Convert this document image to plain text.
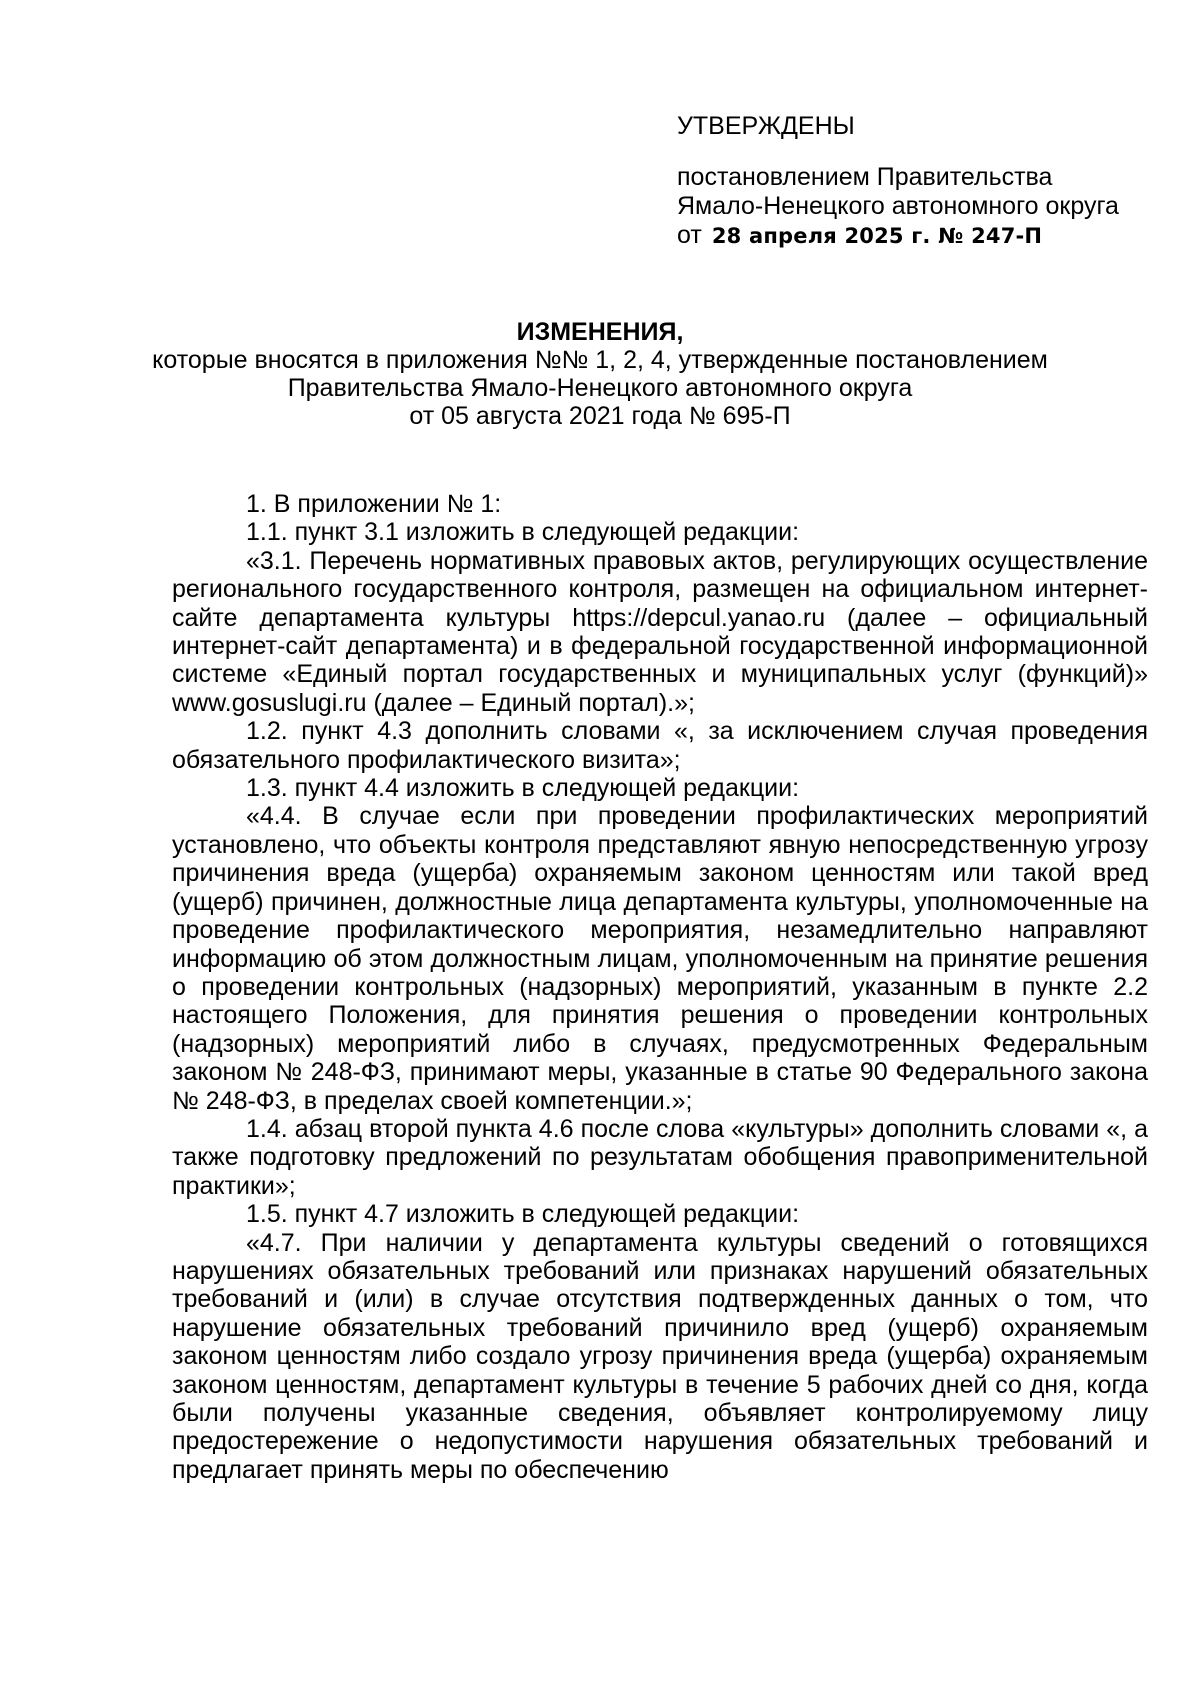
УТВЕРЖДЕНЫ

постановлением Правительства

Ямало-Ненецкого автономного округа

от 28 апреля 2025 г. № 247-П

ИЗМЕНЕНИЯ,

которые вносятся в приложения №№ 1, 2, 4, утвержденные постановлением

Правительства Ямало-Ненецкого автономного округа

от 05 августа 2021 года № 695-П

1. В приложении № 1:

1.1. пункт 3.1 изложить в следующей редакции:

«3.1. Перечень нормативных правовых актов, регулирующих осуществление регионального государственного контроля, размещен на официальном интернет-сайте департамента культуры https://depcul.yanao.ru (далее – официальный интернет-сайт департамента) и в федеральной государственной информационной системе «Единый портал государственных и муниципальных услуг (функций)» www.gosuslugi.ru (далее – Единый портал).»;

1.2. пункт 4.3 дополнить словами «, за исключением случая проведения обязательного профилактического визита»;

1.3. пункт 4.4 изложить в следующей редакции:

«4.4. В случае если при проведении профилактических мероприятий установлено, что объекты контроля представляют явную непосредственную угрозу причинения вреда (ущерба) охраняемым законом ценностям или такой вред (ущерб) причинен, должностные лица департамента культуры, уполномоченные на проведение профилактического мероприятия, незамедлительно направляют информацию об этом должностным лицам, уполномоченным на принятие решения о проведении контрольных (надзорных) мероприятий, указанным в пункте 2.2 настоящего Положения, для принятия решения о проведении контрольных (надзорных) мероприятий либо в случаях, предусмотренных Федеральным законом № 248-ФЗ, принимают меры, указанные в статье 90 Федерального закона № 248-ФЗ, в пределах своей компетенции.»;

1.4. абзац второй пункта 4.6 после слова «культуры» дополнить словами «, а также подготовку предложений по результатам обобщения правоприменительной практики»;

1.5. пункт 4.7 изложить в следующей редакции:

«4.7. При наличии у департамента культуры сведений о готовящихся нарушениях обязательных требований или признаках нарушений обязательных требований и (или) в случае отсутствия подтвержденных данных о том, что нарушение обязательных требований причинило вред (ущерб) охраняемым законом ценностям либо создало угрозу причинения вреда (ущерба) охраняемым законом ценностям, департамент культуры в течение 5 рабочих дней со дня, когда были получены указанные сведения, объявляет контролируемому лицу предостережение о недопустимости нарушения обязательных требований и предлагает принять меры по обеспечению
